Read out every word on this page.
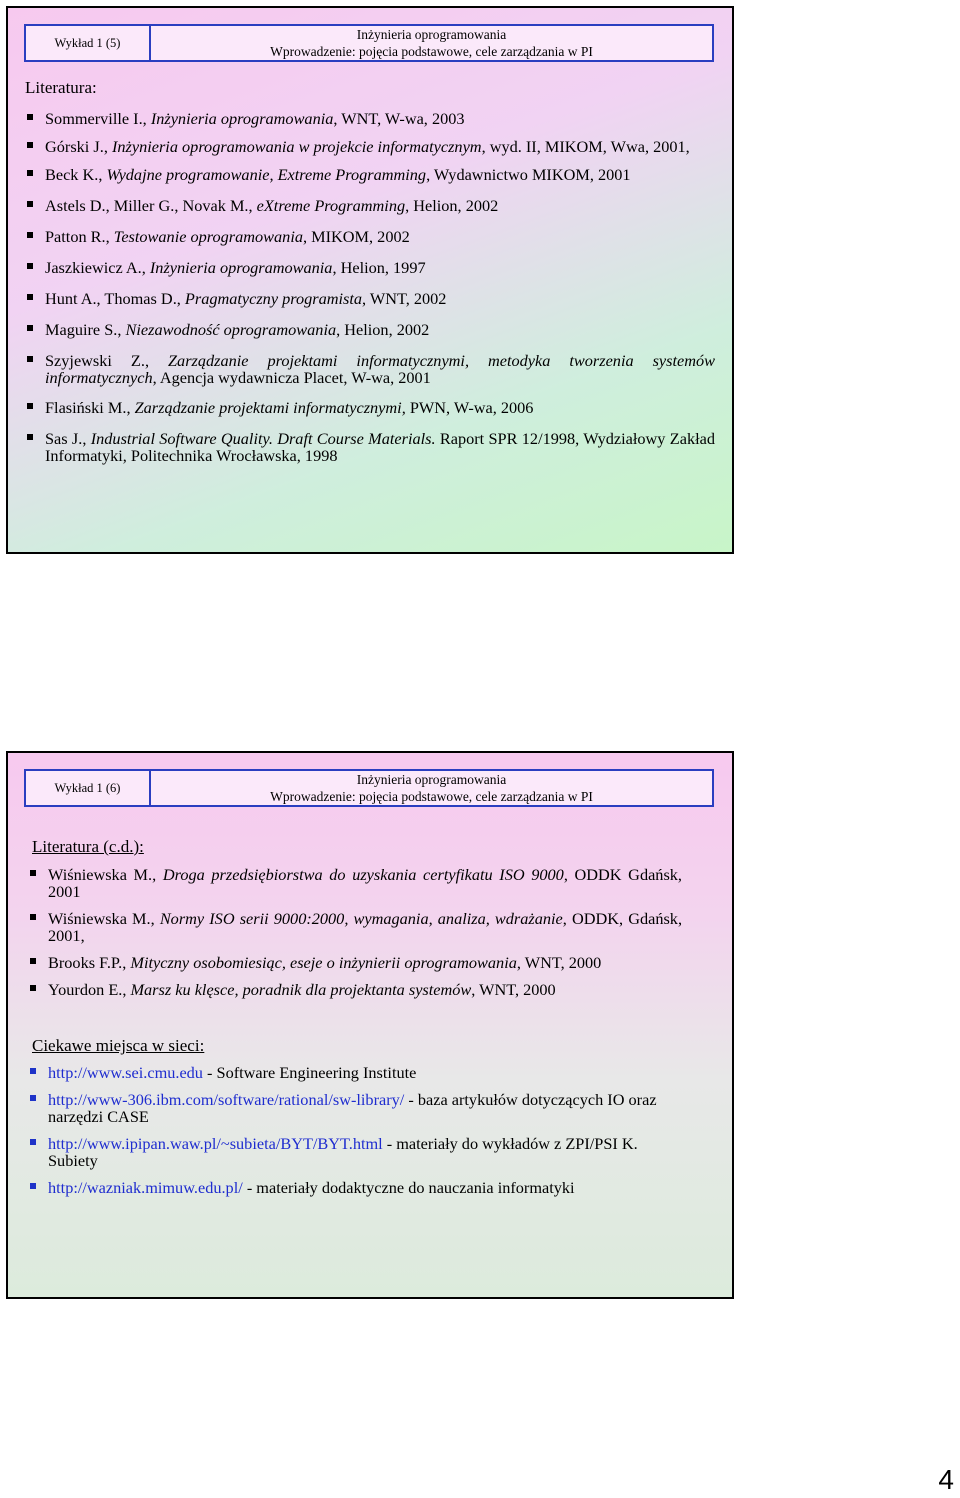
Wykład 1 (5)
Inżynieria oprogramowania
Wprowadzenie: pojęcia podstawowe, cele zarządzania w PI
Literatura:
Sommerville I., Inżynieria oprogramowania, WNT, W-wa, 2003
Górski J., Inżynieria oprogramowania w projekcie informatycznym, wyd. II, MIKOM, Wwa, 2001,
Beck K., Wydajne programowanie, Extreme Programming, Wydawnictwo MIKOM, 2001
Astels D., Miller G., Novak M., eXtreme Programming, Helion, 2002
Patton R., Testowanie oprogramowania, MIKOM, 2002
Jaszkiewicz A., Inżynieria oprogramowania, Helion, 1997
Hunt A., Thomas D., Pragmatyczny programista, WNT, 2002
Maguire S., Niezawodność oprogramowania, Helion, 2002
Szyjewski Z., Zarządzanie projektami informatycznymi, metodyka tworzenia systemów informatycznych, Agencja wydawnicza Placet, W-wa, 2001
Flasiński M., Zarządzanie projektami informatycznymi, PWN, W-wa, 2006
Sas J., Industrial Software Quality. Draft Course Materials. Raport SPR 12/1998, Wydziałowy Zakład Informatyki, Politechnika Wrocławska, 1998
Wykład 1 (6)
Inżynieria oprogramowania
Wprowadzenie: pojęcia podstawowe, cele zarządzania w PI
Literatura (c.d.):
Wiśniewska M., Droga przedsiębiorstwa do uzyskania certyfikatu ISO 9000, ODDK Gdańsk, 2001
Wiśniewska M., Normy ISO serii 9000:2000, wymagania, analiza, wdrażanie, ODDK, Gdańsk, 2001,
Brooks F.P., Mityczny osobomiesiąc, eseje o inżynierii oprogramowania, WNT, 2000
Yourdon E., Marsz ku klęsce, poradnik dla projektanta systemów, WNT, 2000
Ciekawe miejsca w sieci:
http://www.sei.cmu.edu - Software Engineering Institute
http://www-306.ibm.com/software/rational/sw-library/ - baza artykułów dotyczących IO oraz narzędzi CASE
http://www.ipipan.waw.pl/~subieta/BYT/BYT.html - materiały do wykładów z ZPI/PSI K. Subiety
http://wazniak.mimuw.edu.pl/ - materiały dodaktyczne do nauczania informatyki
4
